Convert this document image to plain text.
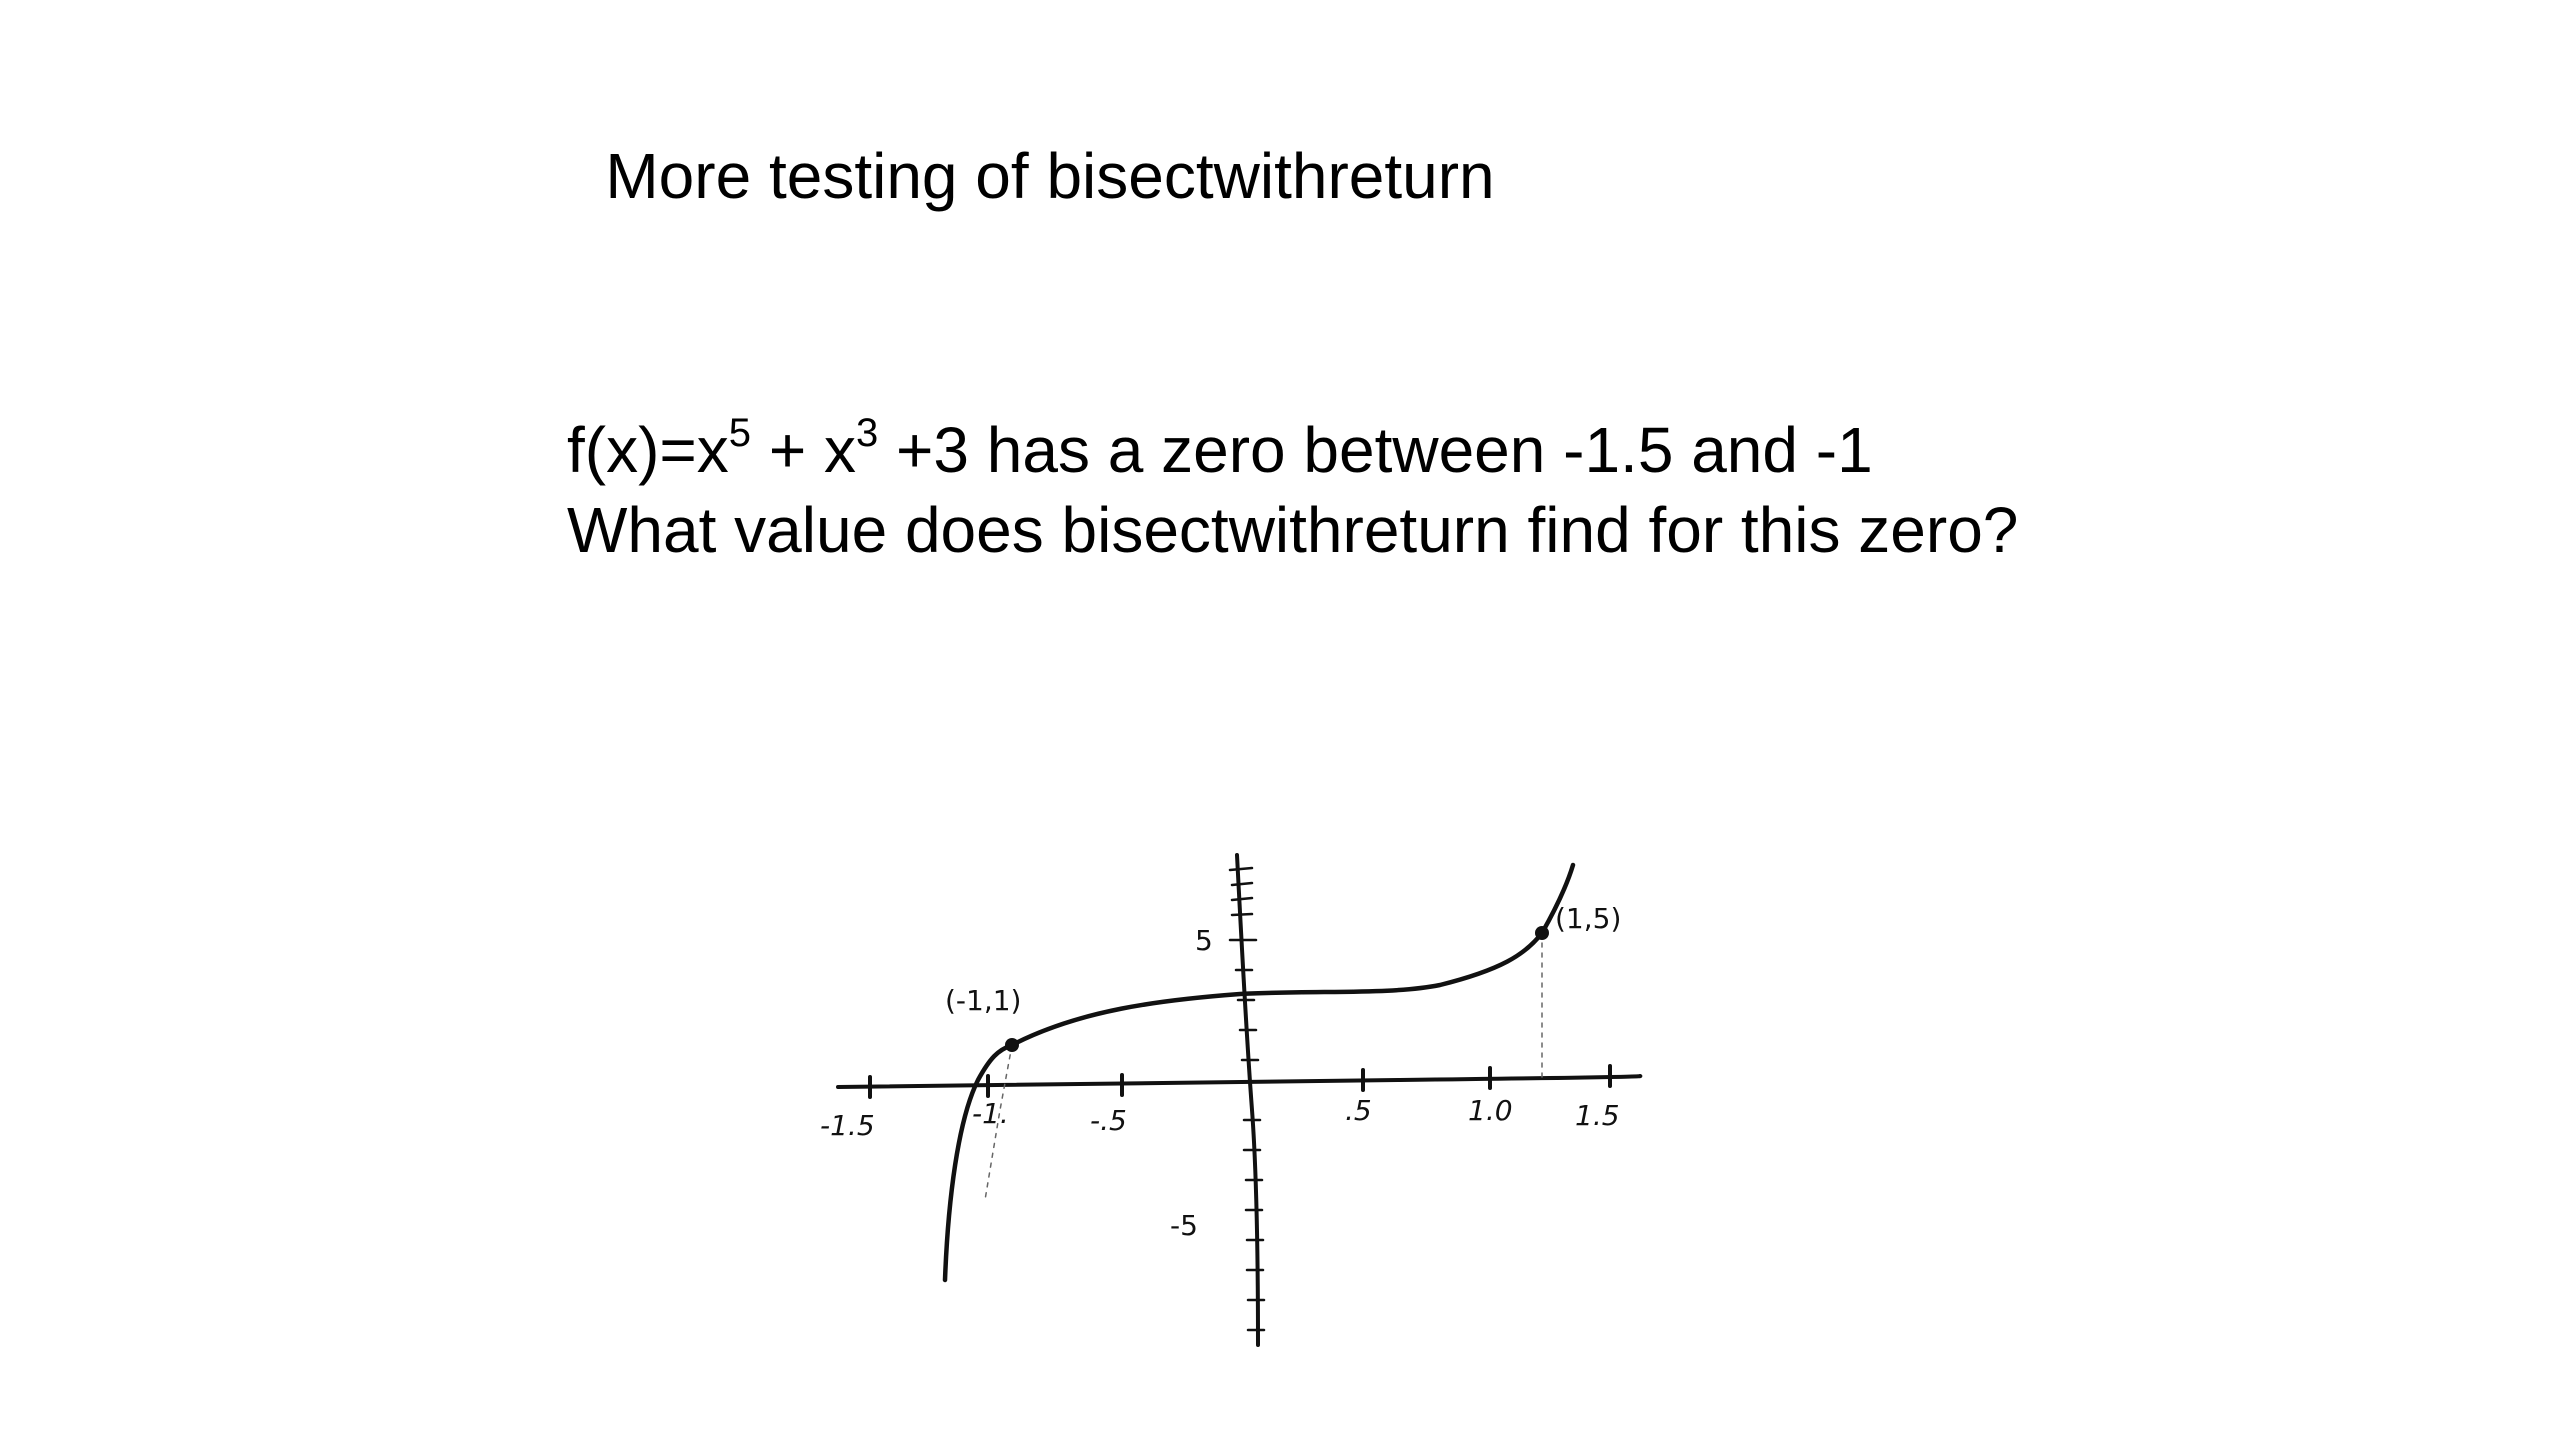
More testing of bisectwithreturn
$f(x)=x^5 + x^3 +3$ has a zero between -1.5 and -1
What value does bisectwithreturn find for this zero?
-1.5	-1.	-.5	.5	1.0 1.5
5
-5
(-1,1)
(1,5)
